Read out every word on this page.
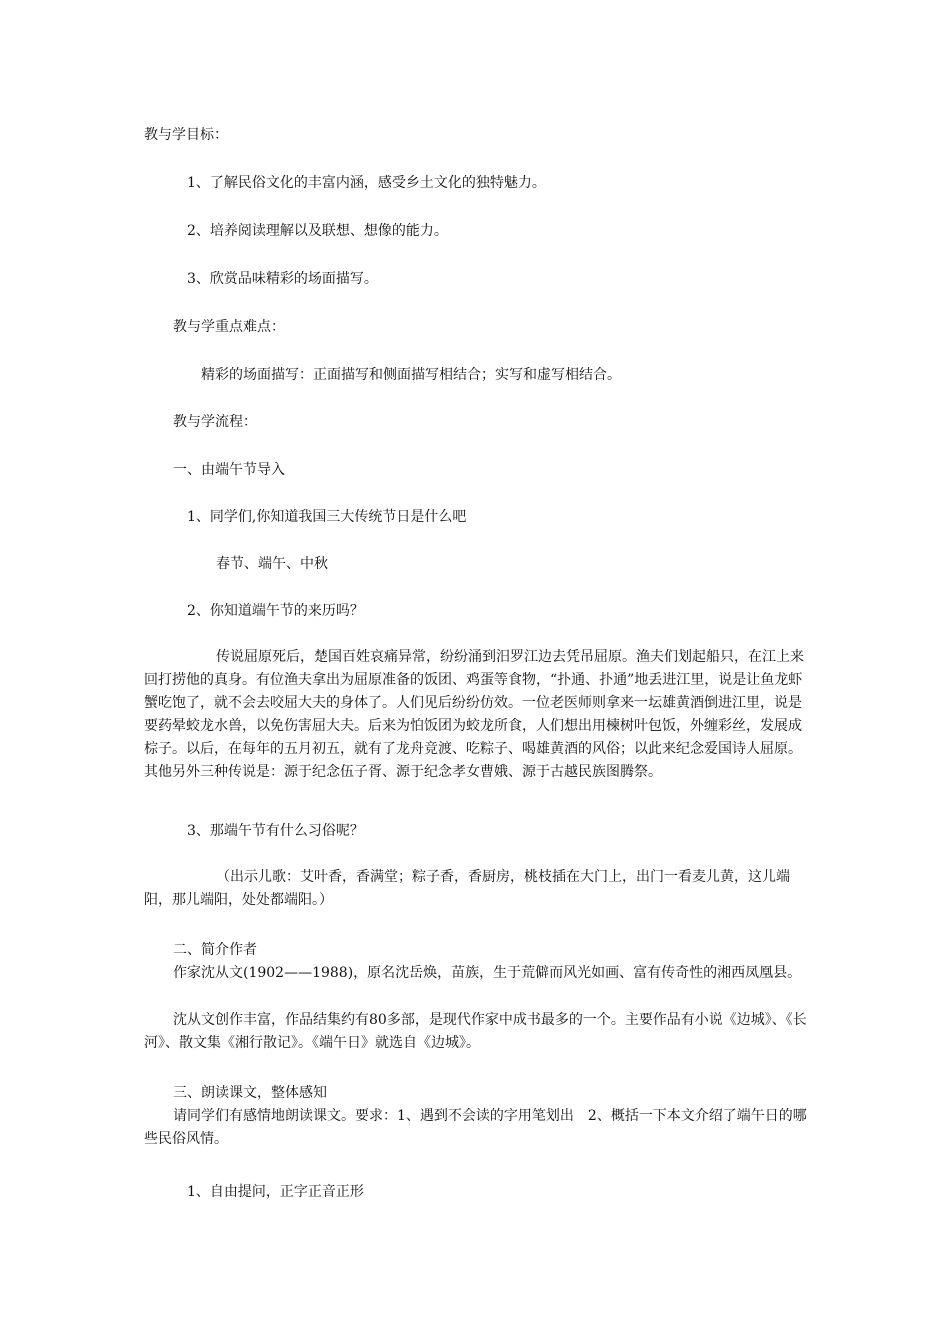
教与学目标：
1、了解民俗文化的丰富内涵，感受乡土文化的独特魅力。
2、培养阅读理解以及联想、想像的能力。
3、欣赏品味精彩的场面描写。
教与学重点难点：
精彩的场面描写：正面描写和侧面描写相结合；实写和虚写相结合。
教与学流程：
一、由端午节导入
1、同学们,你知道我国三大传统节日是什么吧
春节、端午、中秋
2、你知道端午节的来历吗？
传说屈原死后，楚国百姓哀痛异常，纷纷涌到汨罗江边去凭吊屈原。渔夫们划起船只，在江上来回打捞他的真身。有位渔夫拿出为屈原准备的饭团、鸡蛋等食物，“扑通、扑通”地丢进江里，说是让鱼龙虾蟹吃饱了，就不会去咬屈大夫的身体了。人们见后纷纷仿效。一位老医师则拿来一坛雄黄酒倒进江里，说是要药晕蛟龙水兽，以免伤害屈大夫。后来为怕饭团为蛟龙所食，人们想出用楝树叶包饭，外缠彩丝，发展成棕子。以后，在每年的五月初五，就有了龙舟竞渡、吃粽子、喝雄黄酒的风俗；以此来纪念爱国诗人屈原。其他另外三种传说是：源于纪念伍子胥、源于纪念孝女曹娥、源于古越民族图腾祭。
3、那端午节有什么习俗呢？
（出示儿歌：艾叶香，香满堂；粽子香，香厨房，桃枝插在大门上，出门一看麦儿黄，这儿端阳，那儿端阳，处处都端阳。）
二、简介作者
作家沈从文(1902——1988)，原名沈岳焕，苗族，生于荒僻而风光如画、富有传奇性的湘西凤凰县。
沈从文创作丰富，作品结集约有80多部，是现代作家中成书最多的一个。主要作品有小说《边城》、《长河》、散文集《湘行散记》。《端午日》就选自《边城》。
三、朗读课文，整体感知
请同学们有感情地朗读课文。要求：1、遇到不会读的字用笔划出　2、概括一下本文介绍了端午日的哪些民俗风情。
1、自由提问，正字正音正形
